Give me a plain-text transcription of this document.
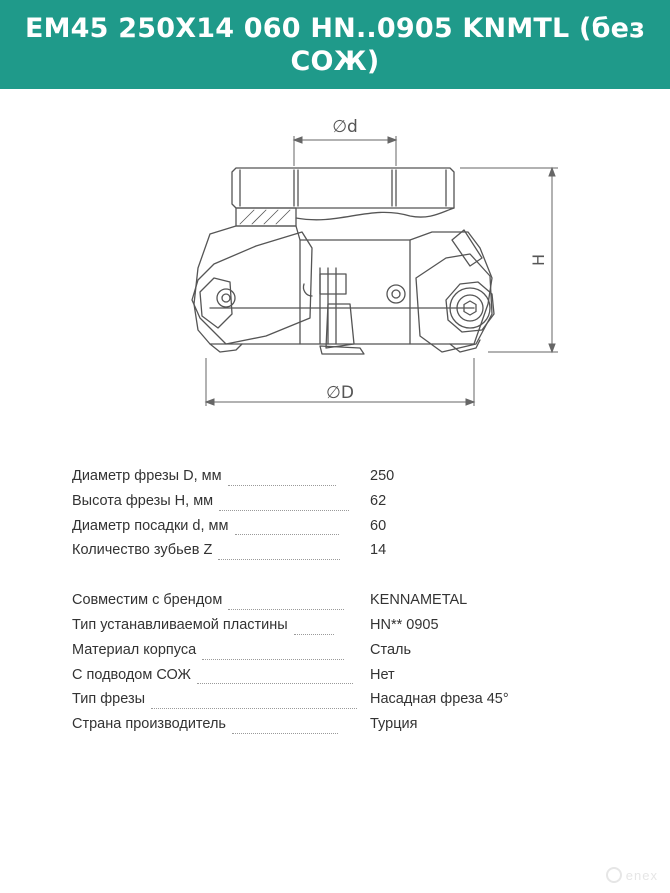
EM45 250X14 060 HN..0905 KNMTL (без СОЖ)
∅d
∅D
H
Диаметр фрезы D, мм	250
Высота фрезы H, мм	62
Диаметр посадки d, мм	60
Количество зубьев Z	14
Совместим с брендом	KENNAMETAL
Тип устанавливаемой пластины	HN** 0905
Материал корпуса	Сталь
С подводом СОЖ	Нет
Тип фрезы	Насадная фреза 45°
Страна производитель	Турция
enex
